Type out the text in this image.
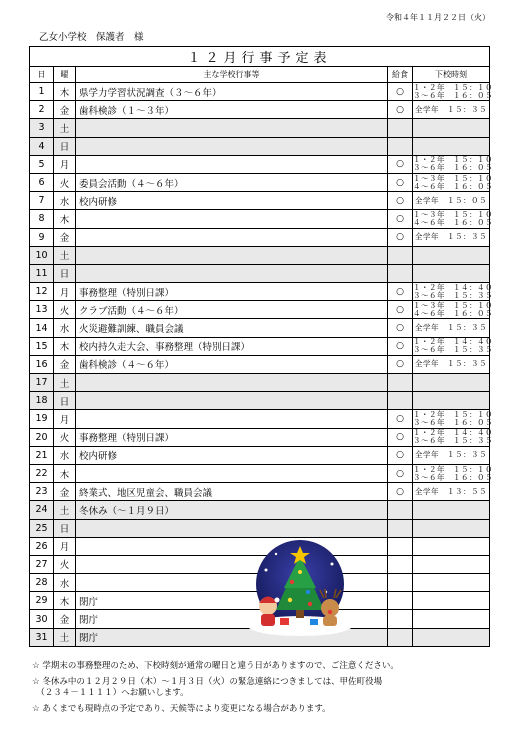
令和４年１１月２２日（火）
乙女小学校　保護者　様
１２月行事予定表				
日	曜	主な学校行事等	給食	下校時刻
1	木	県学力学習状況調査（３～６年）	○	１・２年　１５：１０
３～６年　１６：０５
2	金	歯科検診（１～３年）	○	全学年　１５：３５
3	土			
4	日			
5	月		○	１・２年　１５：１０
３～６年　１６：０５
6	火	委員会活動（４～６年）	○	１～３年　１５：１０
４～６年　１６：０５
7	水	校内研修	○	全学年　１５：０５
8	木		○	１～３年　１５：１０
４～６年　１６：０５
9	金		○	全学年　１５：３５
10	土			
11	日			
12	月	事務整理（特別日課）	○	１・２年　１４：４０
３～６年　１５：３５
13	火	クラブ活動（４～６年）	○	１～３年　１５：１０
４～６年　１６：０５
14	水	火災避難訓練、職員会議	○	全学年　１５：３５
15	木	校内持久走大会、事務整理（特別日課）	○	１・２年　１４：４０
３～６年　１５：３５
16	金	歯科検診（４～６年）	○	全学年　１５：３５
17	土			
18	日			
19	月		○	１・２年　１５：１０
３～６年　１６：０５
20	火	事務整理（特別日課）	○	１・２年　１４：４０
３～６年　１５：３５
21	水	校内研修	○	全学年　１５：３５
22	木		○	１・２年　１５：１０
３～６年　１６：０５
23	金	終業式、地区児童会、職員会議	○	全学年　１３：５５
24	土	冬休み（～１月９日）		
25	日			
26	月			
27	火			
28	水			
29	木	閉庁		
30	金	閉庁		
31	土	閉庁		

☆ 学期末の事務整理のため、下校時刻が通常の曜日と違う日がありますので、ご注意ください。

☆ 冬休み中の１２月２９日（木）～１月３日（火）の緊急連絡につきましては、甲佐町役場
　（２３４－１１１１）へお願いします。

☆ あくまでも現時点の予定であり、天候等により変更になる場合があります。
